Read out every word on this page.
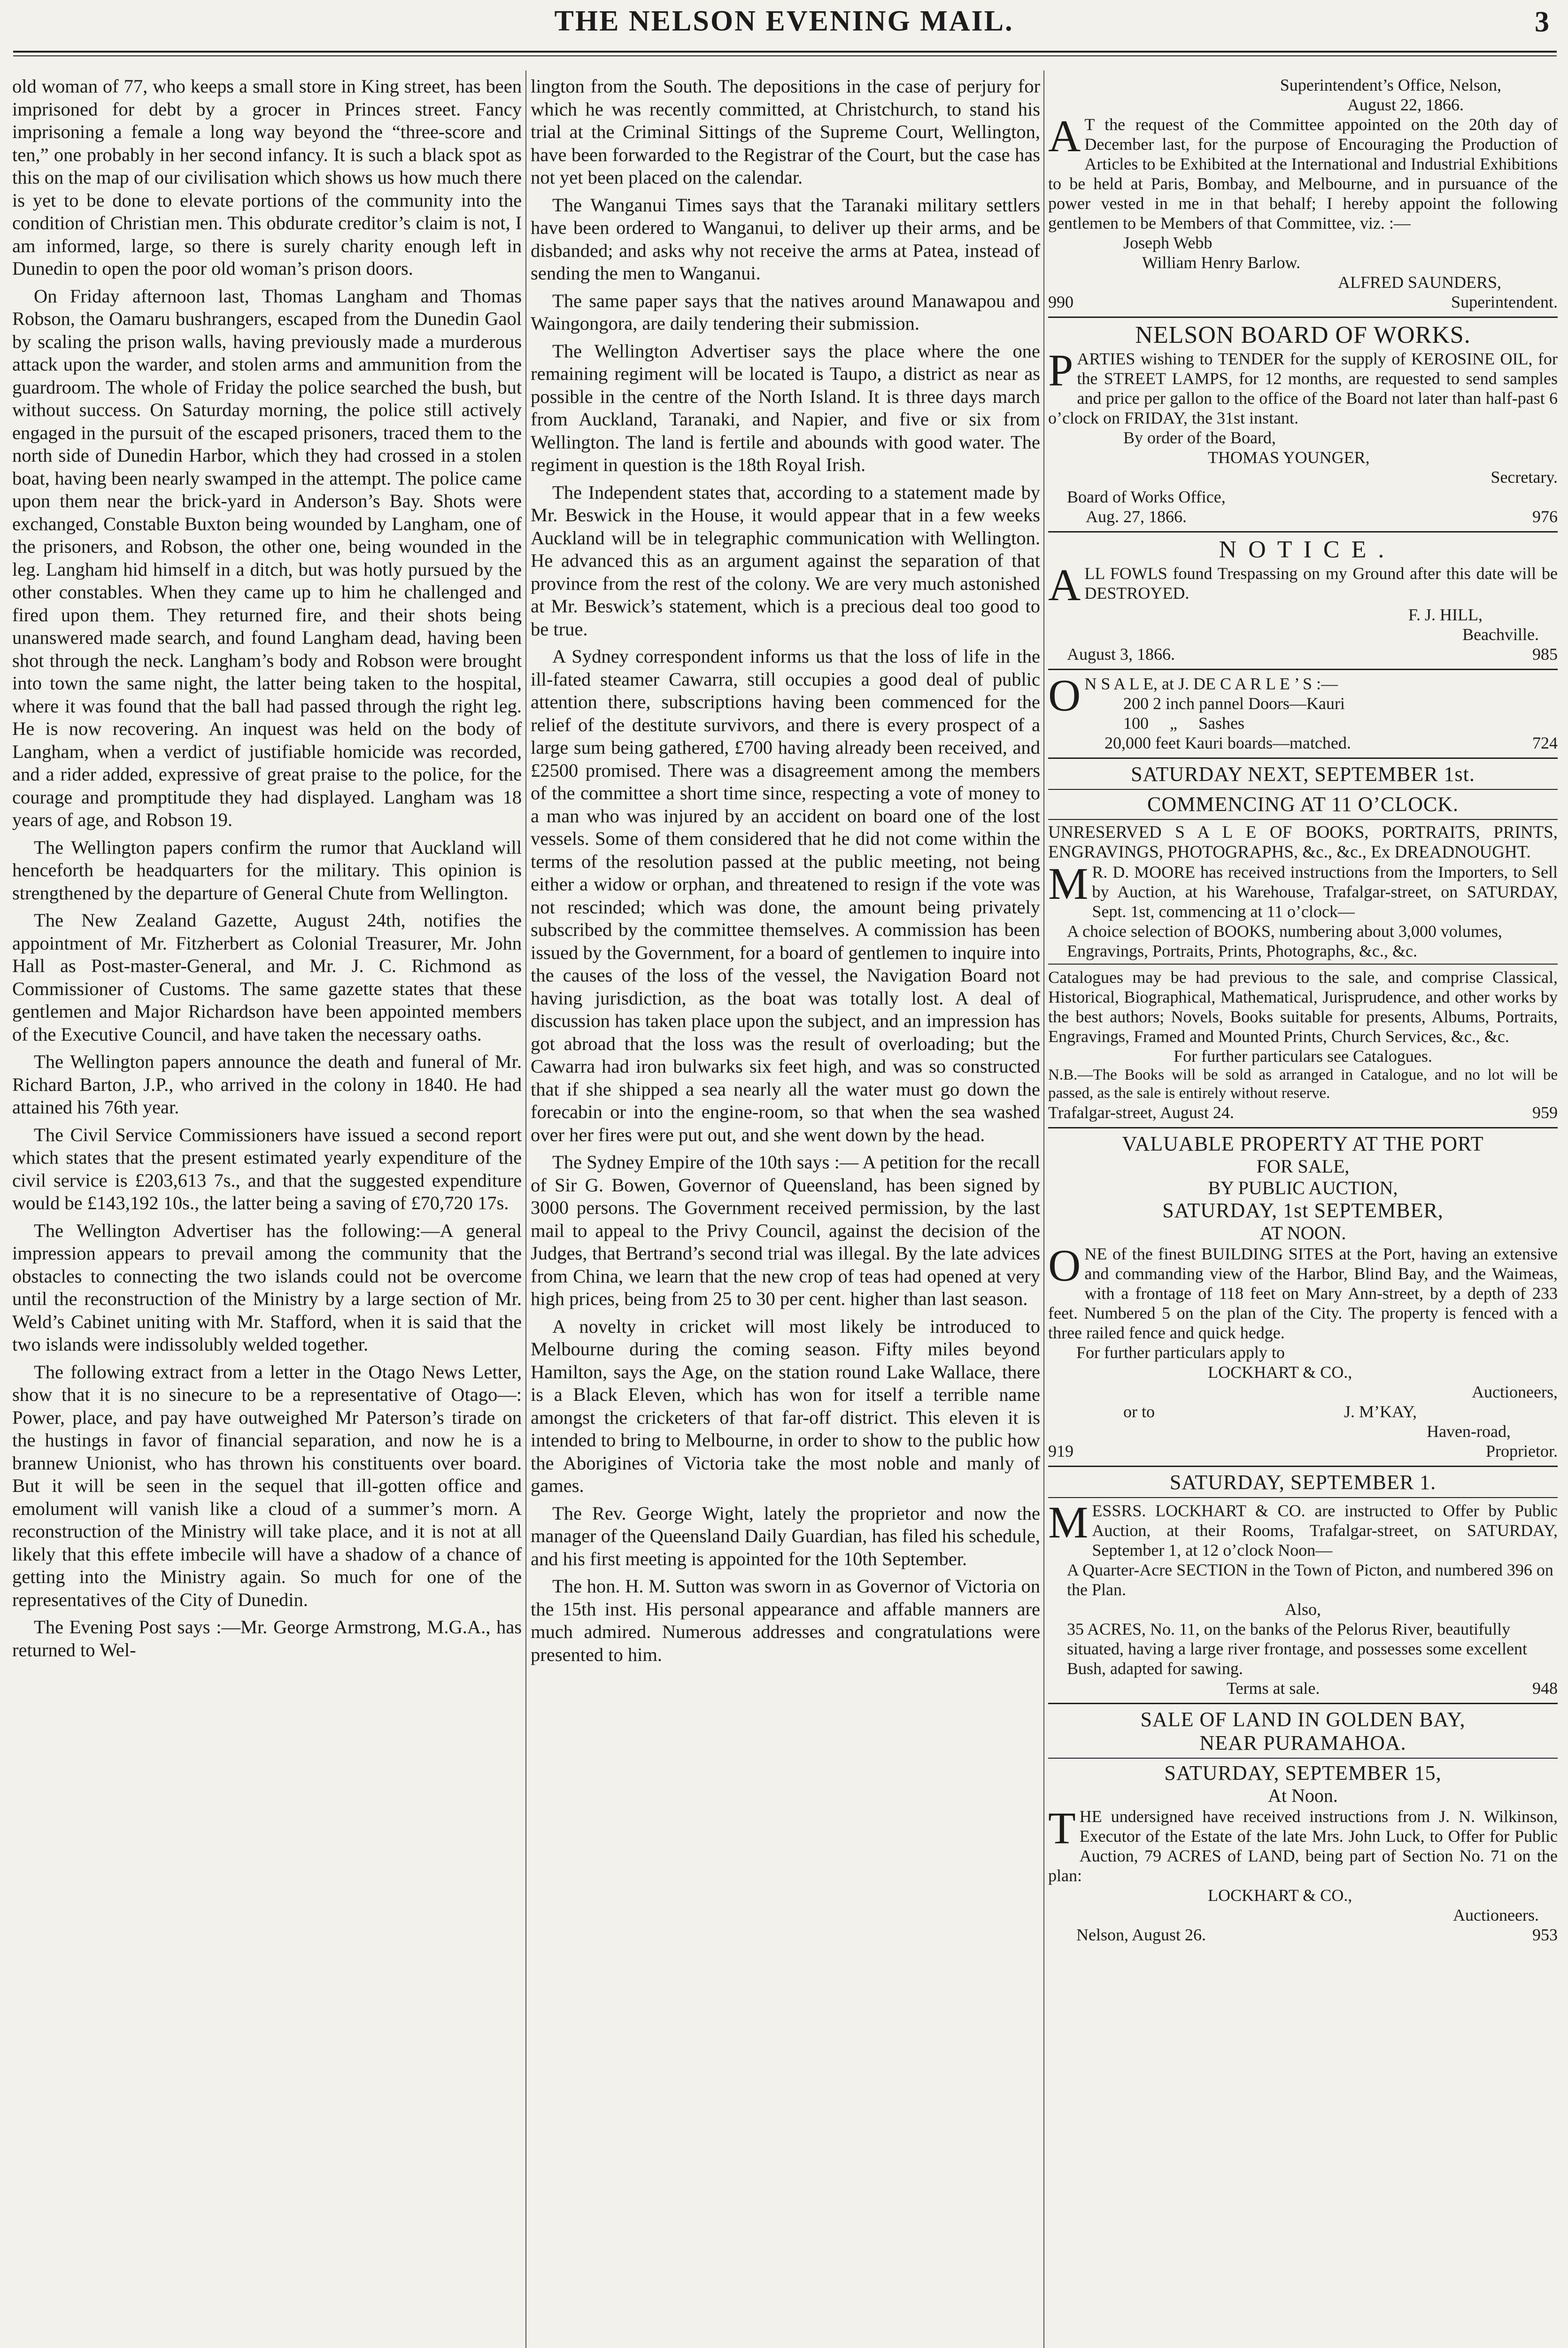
THE NELSON EVENING MAIL.	3

old woman of 77, who keeps a small store in King street, has been imprisoned for debt by a grocer in Princes street. Fancy imprisoning a female a long way beyond the “three-score and ten,” one probably in her second infancy. It is such a black spot as this on the map of our civilisation which shows us how much there is yet to be done to elevate portions of the community into the condition of Christian men. This obdurate creditor’s claim is not, I am informed, large, so there is surely charity enough left in Dunedin to open the poor old woman’s prison doors.

On Friday afternoon last, Thomas Langham and Thomas Robson, the Oamaru bushrangers, escaped from the Dunedin Gaol by scaling the prison walls, having previously made a murderous attack upon the warder, and stolen arms and ammunition from the guardroom. The whole of Friday the police searched the bush, but without success. On Saturday morning, the police still actively engaged in the pursuit of the escaped prisoners, traced them to the north side of Dunedin Harbor, which they had crossed in a stolen boat, having been nearly swamped in the attempt. The police came upon them near the brick-yard in Anderson’s Bay. Shots were exchanged, Constable Buxton being wounded by Langham, one of the prisoners, and Robson, the other one, being wounded in the leg. Langham hid himself in a ditch, but was hotly pursued by the other constables. When they came up to him he challenged and fired upon them. They returned fire, and their shots being unanswered made search, and found Langham dead, having been shot through the neck. Langham’s body and Robson were brought into town the same night, the latter being taken to the hospital, where it was found that the ball had passed through the right leg. He is now recovering. An inquest was held on the body of Langham, when a verdict of justifiable homicide was recorded, and a rider added, expressive of great praise to the police, for the courage and promptitude they had displayed. Langham was 18 years of age, and Robson 19.

The Wellington papers confirm the rumor that Auckland will henceforth be headquarters for the military. This opinion is strengthened by the departure of General Chute from Wellington.

The New Zealand Gazette, August 24th, notifies the appointment of Mr. Fitzherbert as Colonial Treasurer, Mr. John Hall as Post-master-General, and Mr. J. C. Richmond as Commissioner of Customs. The same gazette states that these gentlemen and Major Richardson have been appointed members of the Executive Council, and have taken the necessary oaths.

The Wellington papers announce the death and funeral of Mr. Richard Barton, J.P., who arrived in the colony in 1840. He had attained his 76th year.

The Civil Service Commissioners have issued a second report which states that the present estimated yearly expenditure of the civil service is £203,613 7s., and that the suggested expenditure would be £143,192 10s., the latter being a saving of £70,720 17s.

The Wellington Advertiser has the following:—A general impression appears to prevail among the community that the obstacles to connecting the two islands could not be overcome until the reconstruction of the Ministry by a large section of Mr. Weld’s Cabinet uniting with Mr. Stafford, when it is said that the two islands were indissolubly welded together.

The following extract from a letter in the Otago News Letter, show that it is no sinecure to be a representative of Otago—: Power, place, and pay have outweighed Mr Paterson’s tirade on the hustings in favor of financial separation, and now he is a brannew Unionist, who has thrown his constituents over board. But it will be seen in the sequel that ill-gotten office and emolument will vanish like a cloud of a summer’s morn. A reconstruction of the Ministry will take place, and it is not at all likely that this effete imbecile will have a shadow of a chance of getting into the Ministry again. So much for one of the representatives of the City of Dunedin.

The Evening Post says :—Mr. George Armstrong, M.G.A., has returned to Wel-

lington from the South. The depositions in the case of perjury for which he was recently committed, at Christchurch, to stand his trial at the Criminal Sittings of the Supreme Court, Wellington, have been forwarded to the Registrar of the Court, but the case has not yet been placed on the calendar.

The Wanganui Times says that the Taranaki military settlers have been ordered to Wanganui, to deliver up their arms, and be disbanded; and asks why not receive the arms at Patea, instead of sending the men to Wanganui.

The same paper says that the natives around Manawapou and Waingongora, are daily tendering their submission.

The Wellington Advertiser says the place where the one remaining regiment will be located is Taupo, a district as near as possible in the centre of the North Island. It is three days march from Auckland, Taranaki, and Napier, and five or six from Wellington. The land is fertile and abounds with good water. The regiment in question is the 18th Royal Irish.

The Independent states that, according to a statement made by Mr. Beswick in the House, it would appear that in a few weeks Auckland will be in telegraphic communication with Wellington. He advanced this as an argument against the separation of that province from the rest of the colony. We are very much astonished at Mr. Beswick’s statement, which is a precious deal too good to be true.

A Sydney correspondent informs us that the loss of life in the ill-fated steamer Cawarra, still occupies a good deal of public attention there, subscriptions having been commenced for the relief of the destitute survivors, and there is every prospect of a large sum being gathered, £700 having already been received, and £2500 promised. There was a disagreement among the members of the committee a short time since, respecting a vote of money to a man who was injured by an accident on board one of the lost vessels. Some of them considered that he did not come within the terms of the resolution passed at the public meeting, not being either a widow or orphan, and threatened to resign if the vote was not rescinded; which was done, the amount being privately subscribed by the committee themselves. A commission has been issued by the Government, for a board of gentlemen to inquire into the causes of the loss of the vessel, the Navigation Board not having jurisdiction, as the boat was totally lost. A deal of discussion has taken place upon the subject, and an impression has got abroad that the loss was the result of overloading; but the Cawarra had iron bulwarks six feet high, and was so constructed that if she shipped a sea nearly all the water must go down the forecabin or into the engine-room, so that when the sea washed over her fires were put out, and she went down by the head.

The Sydney Empire of the 10th says :— A petition for the recall of Sir G. Bowen, Governor of Queensland, has been signed by 3000 persons. The Government received permission, by the last mail to appeal to the Privy Council, against the decision of the Judges, that Bertrand’s second trial was illegal. By the late advices from China, we learn that the new crop of teas had opened at very high prices, being from 25 to 30 per cent. higher than last season.

A novelty in cricket will most likely be introduced to Melbourne during the coming season. Fifty miles beyond Hamilton, says the Age, on the station round Lake Wallace, there is a Black Eleven, which has won for itself a terrible name amongst the cricketers of that far-off district. This eleven it is intended to bring to Melbourne, in order to show to the public how the Aborigines of Victoria take the most noble and manly of games.

The Rev. George Wight, lately the proprietor and now the manager of the Queensland Daily Guardian, has filed his schedule, and his first meeting is appointed for the 10th September.

The hon. H. M. Sutton was sworn in as Governor of Victoria on the 15th inst. His personal appearance and affable manners are much admired. Numerous addresses and congratulations were presented to him.

Superintendent’s Office, Nelson,
August 22, 1866.
A T the request of the Committee appointed on the 20th day of December last, for the purpose of Encouraging the Production of Articles to be Exhibited at the International and Industrial Exhibitions to be held at Paris, Bombay, and Melbourne, and in pursuance of the power vested in me in that behalf; I hereby appoint the following gentlemen to be Members of that Committee, viz. :—
Joseph Webb
William Henry Barlow.
ALFRED SAUNDERS,
990	Superintendent.
NELSON BOARD OF WORKS.
PARTIES wishing to TENDER for the supply of KEROSINE OIL, for the STREET LAMPS, for 12 months, are requested to send samples and price per gallon to the office of the Board not later than half-past 6 o’clock on FRIDAY, the 31st instant.
By order of the Board,
THOMAS YOUNGER,
Secretary.
Board of Works Office,
Aug. 27, 1866.	976
N O T I C E .
ALL FOWLS found Trespassing on my Ground after this date will be DESTROYED.
F. J. HILL,
Beachville.
August 3, 1866.	985
O N S A L E, at J. DE C A R L E ’ S :—
200 2 inch pannel Doors—Kauri
100     „     Sashes
20,000 feet Kauri boards—matched.	724
SATURDAY NEXT, SEPTEMBER 1st.
COMMENCING AT 11 O’CLOCK.
UNRESERVED S A L E OF BOOKS, PORTRAITS, PRINTS, ENGRAVINGS, PHOTOGRAPHS, &c., &c., Ex DREADNOUGHT.
M R. D. MOORE has received instructions from the Importers, to Sell by Auction, at his Warehouse, Trafalgar-street, on SATURDAY, Sept. 1st, commencing at 11 o’clock—
A choice selection of BOOKS, numbering about 3,000 volumes, Engravings, Portraits, Prints, Photographs, &c., &c.
Catalogues may be had previous to the sale, and comprise Classical, Historical, Biographical, Mathematical, Jurisprudence, and other works by the best authors; Novels, Books suitable for presents, Albums, Portraits, Engravings, Framed and Mounted Prints, Church Services, &c., &c.
For further particulars see Catalogues.
N.B.—The Books will be sold as arranged in Catalogue, and no lot will be passed, as the sale is entirely without reserve.
Trafalgar-street, August 24.	959
VALUABLE PROPERTY AT THE PORT
FOR SALE,
BY PUBLIC AUCTION,
SATURDAY, 1st SEPTEMBER,
AT NOON.
ONE of the finest BUILDING SITES at the Port, having an extensive and commanding view of the Harbor, Blind Bay, and the Waimeas, with a frontage of 118 feet on Mary Ann-street, by a depth of 233 feet. Numbered 5 on the plan of the City. The property is fenced with a three railed fence and quick hedge.
For further particulars apply to
LOCKHART & CO.,
Auctioneers,
or to	J. M’KAY,
Haven-road,
919	Proprietor.
SATURDAY, SEPTEMBER 1.
MESSRS. LOCKHART & CO. are instructed to Offer by Public Auction, at their Rooms, Trafalgar-street, on SATURDAY, September 1, at 12 o’clock Noon—
A Quarter-Acre SECTION in the Town of Picton, and numbered 396 on the Plan.
Also,
35 ACRES, No. 11, on the banks of the Pelorus River, beautifully situated, having a large river frontage, and possesses some excellent Bush, adapted for sawing.
Terms at sale.	948
SALE OF LAND IN GOLDEN BAY,
NEAR PURAMAHOA.
SATURDAY, SEPTEMBER 15,
At Noon.
THE undersigned have received instructions from J. N. Wilkinson, Executor of the Estate of the late Mrs. John Luck, to Offer for Public Auction, 79 ACRES of LAND, being part of Section No. 71 on the plan:
LOCKHART & CO.,
Auctioneers.
Nelson, August 26.	953
